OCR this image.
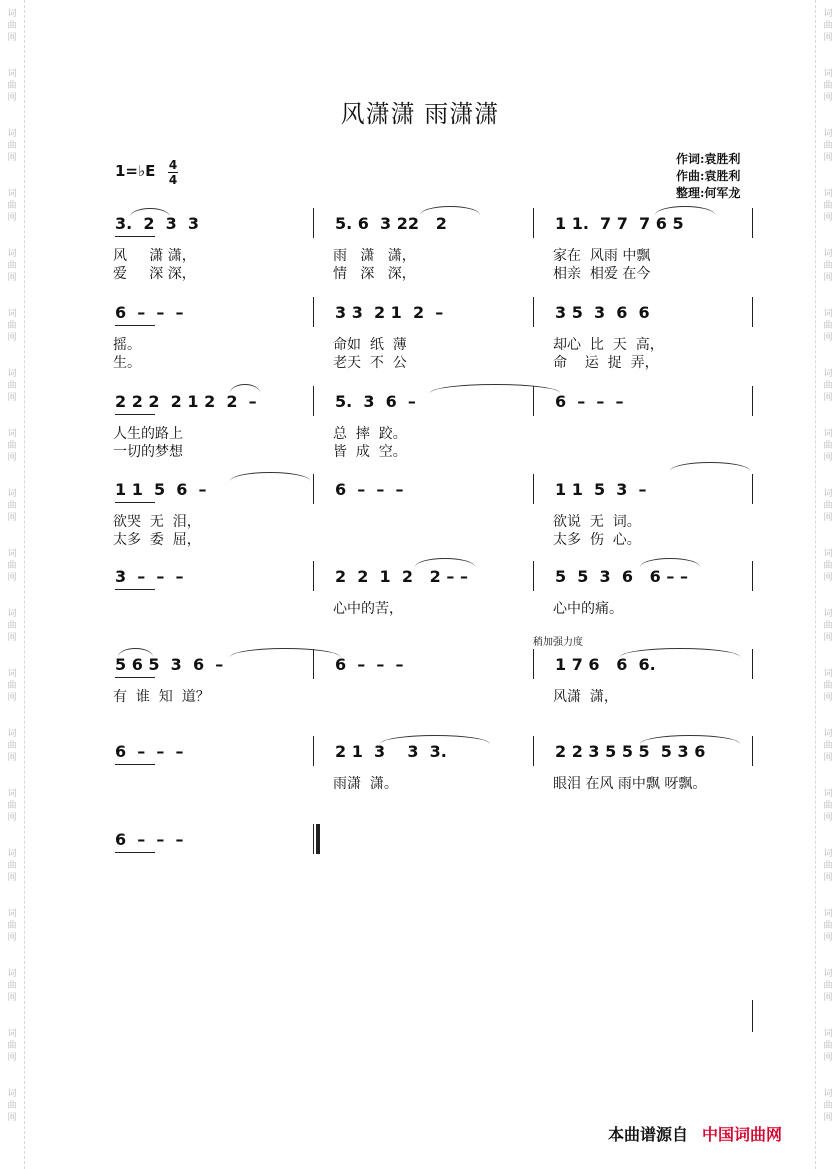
词
曲
网
词
曲
网
词
曲
网
词
曲
网
词
曲
网
词
曲
网
词
曲
网
词
曲
网
词
曲
网
词
曲
网
词
曲
网
词
曲
网
词
曲
网
词
曲
网
词
曲
网
词
曲
网
词
曲
网
词
曲
网
词
曲
网
词
曲
网
词
曲
网
词
曲
网
词
曲
网
词
曲
网
词
曲
网
词
曲
网
词
曲
网
词
曲
网
词
曲
网
词
曲
网
词
曲
网
词
曲
网
词
曲
网
词
曲
网
词
曲
网
词
曲
网
词
曲
网
词
曲
网
风潇潇 雨潇潇
1=♭E 4
4
作词:袁胜利
作曲:袁胜利
整理:何军龙
3.  2  3  3
风     潇 潇，
爱     深 深，
5. 6  3 22   2
雨   潇   潇，
情   深   深，
1 1.  7 7  7 6 5
家在  风雨 中飘
相亲  相爱 在今
6  –  –  –
摇。
生。
3 3  2 1  2  –
命如  纸  薄
老天  不  公
3 5  3  6  6
却心  比  天  高，
命    运  捉  弄，
2 2 2  2 1 2  2  –
人生的路上
一切的梦想
5.  3  6  –
总  摔  跤。
皆  成  空。
6  –  –  –
1 1  5  6  –
欲哭  无  泪，
太多  委  屈，
6  –  –  –	1 1  5  3  –
欲说  无  词。
太多  伤  心。
3  –  –  –	2  2  1  2   2 – –
心中的苦，
5  5  3  6   6 – –
心中的痛。
5 6 5  3  6  –
有  谁  知  道？
6  –  –  –	1 7 6   6  6.
风潇  潇，
6  –  –  –	2 1  3    3  3.
雨潇  潇。
2 2 3 5 5 5  5 3 6
眼泪 在风 雨中飘 呀飘。
6  –  –  –
稍加强力度
本曲谱源自 中国词曲网
